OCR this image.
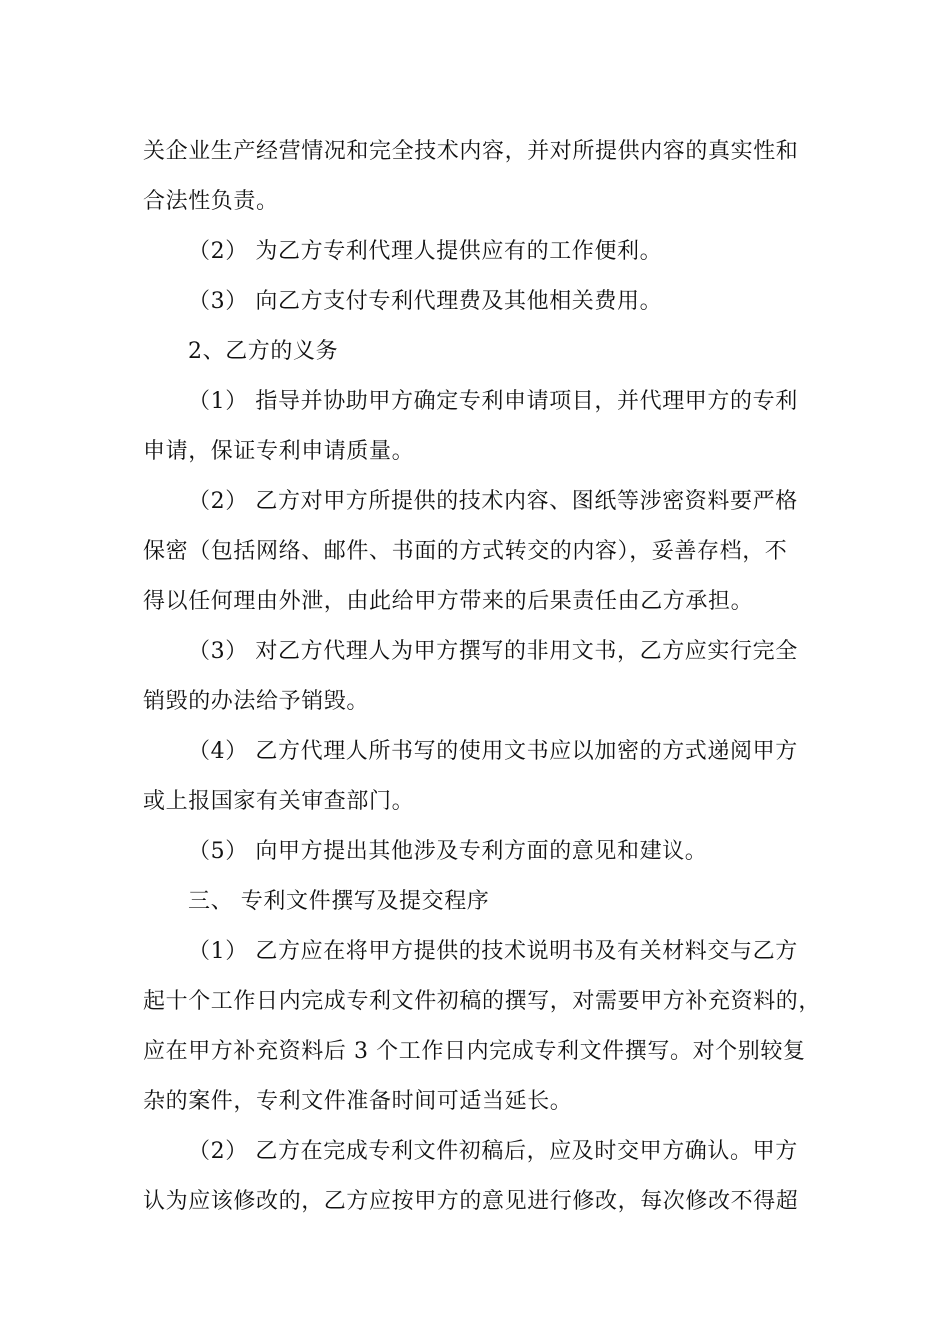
关企业生产经营情况和完全技术内容，并对所提供内容的真实性和
合法性负责。
（2） 为乙方专利代理人提供应有的工作便利。
（3） 向乙方支付专利代理费及其他相关费用。
2、乙方的义务
（1） 指导并协助甲方确定专利申请项目，并代理甲方的专利
申请，保证专利申请质量。
（2） 乙方对甲方所提供的技术内容、图纸等涉密资料要严格
保密（包括网络、邮件、书面的方式转交的内容），妥善存档，不
得以任何理由外泄，由此给甲方带来的后果责任由乙方承担。
（3） 对乙方代理人为甲方撰写的非用文书，乙方应实行完全
销毁的办法给予销毁。
（4） 乙方代理人所书写的使用文书应以加密的方式递阅甲方
或上报国家有关审查部门。
（5） 向甲方提出其他涉及专利方面的意见和建议。
三、 专利文件撰写及提交程序
（1） 乙方应在将甲方提供的技术说明书及有关材料交与乙方
起十个工作日内完成专利文件初稿的撰写，对需要甲方补充资料的，
应在甲方补充资料后 3 个工作日内完成专利文件撰写。对个别较复
杂的案件，专利文件准备时间可适当延长。
（2） 乙方在完成专利文件初稿后，应及时交甲方确认。甲方
认为应该修改的，乙方应按甲方的意见进行修改，每次修改不得超
